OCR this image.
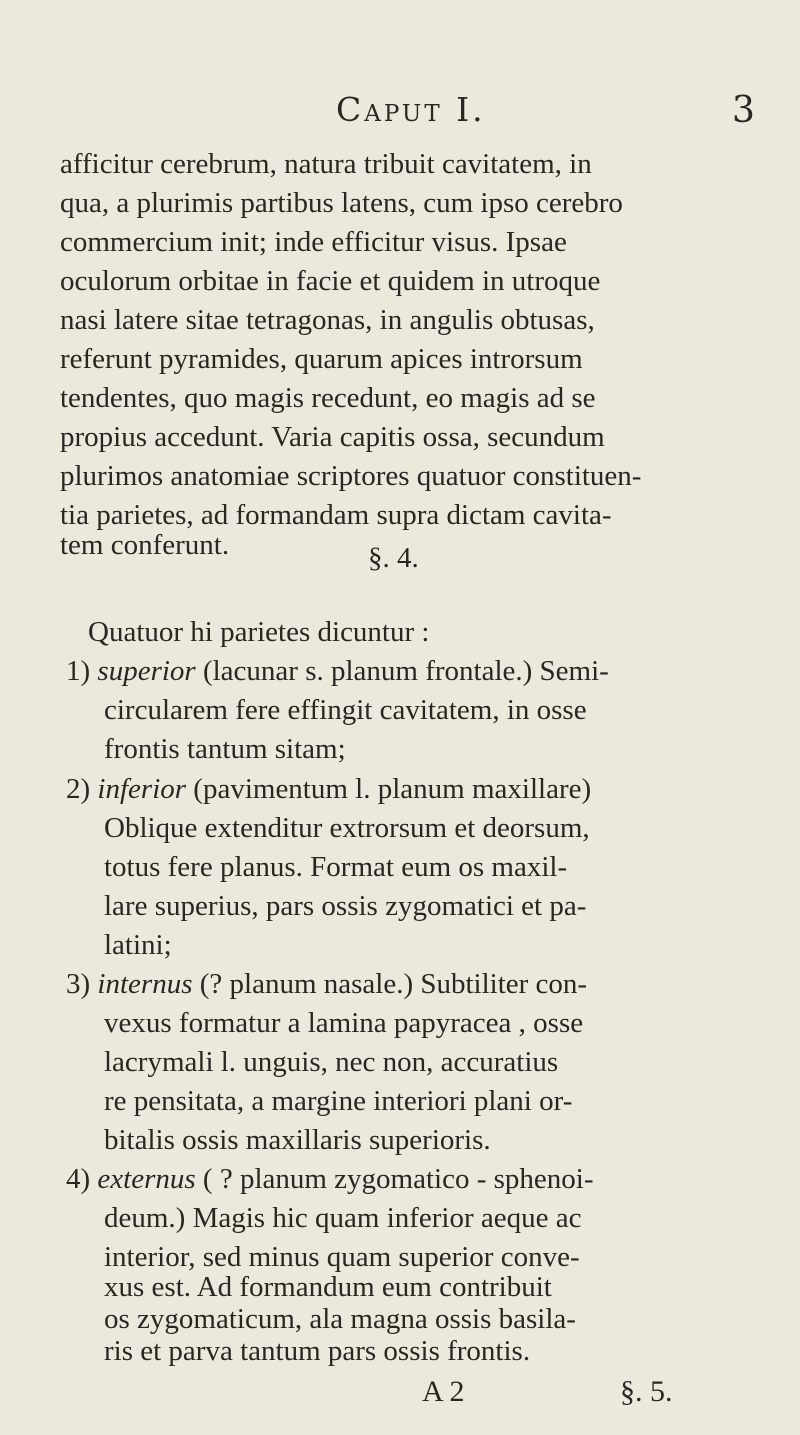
Caput I.	3
afficitur cerebrum, natura tribuit cavitatem, in
qua, a plurimis partibus latens, cum ipso cerebro
commercium init; inde efficitur visus. Ipsae
oculorum orbitae in facie et quidem in utroque
nasi latere sitae tetragonas, in angulis obtusas,
referunt pyramides, quarum apices introrsum
tendentes, quo magis recedunt, eo magis ad se
propius accedunt. Varia capitis ossa, secundum
plurimos anatomiae scriptores quatuor constituen-
tia parietes, ad formandam supra dictam cavita-
tem conferunt.	§. 4.
Quatuor hi parietes dicuntur :
1) superior (lacunar s. planum frontale.) Semi-
circularem fere effingit cavitatem, in osse
frontis tantum sitam;
2) inferior (pavimentum l. planum maxillare)
Oblique extenditur extrorsum et deorsum,
totus fere planus. Format eum os maxil-
lare superius, pars ossis zygomatici et pa-
latini;
3) internus (? planum nasale.) Subtiliter con-
vexus formatur a lamina papyracea , osse
lacrymali l. unguis, nec non, accuratius
re pensitata, a margine interiori plani or-
bitalis ossis maxillaris superioris.
4) externus ( ? planum zygomatico - sphenoi-
deum.) Magis hic quam inferior aeque ac
interior, sed minus quam superior conve-
xus est. Ad formandum eum contribuit
os zygomaticum, ala magna ossis basila-
ris et parva tantum pars ossis frontis.
A 2	§. 5.
